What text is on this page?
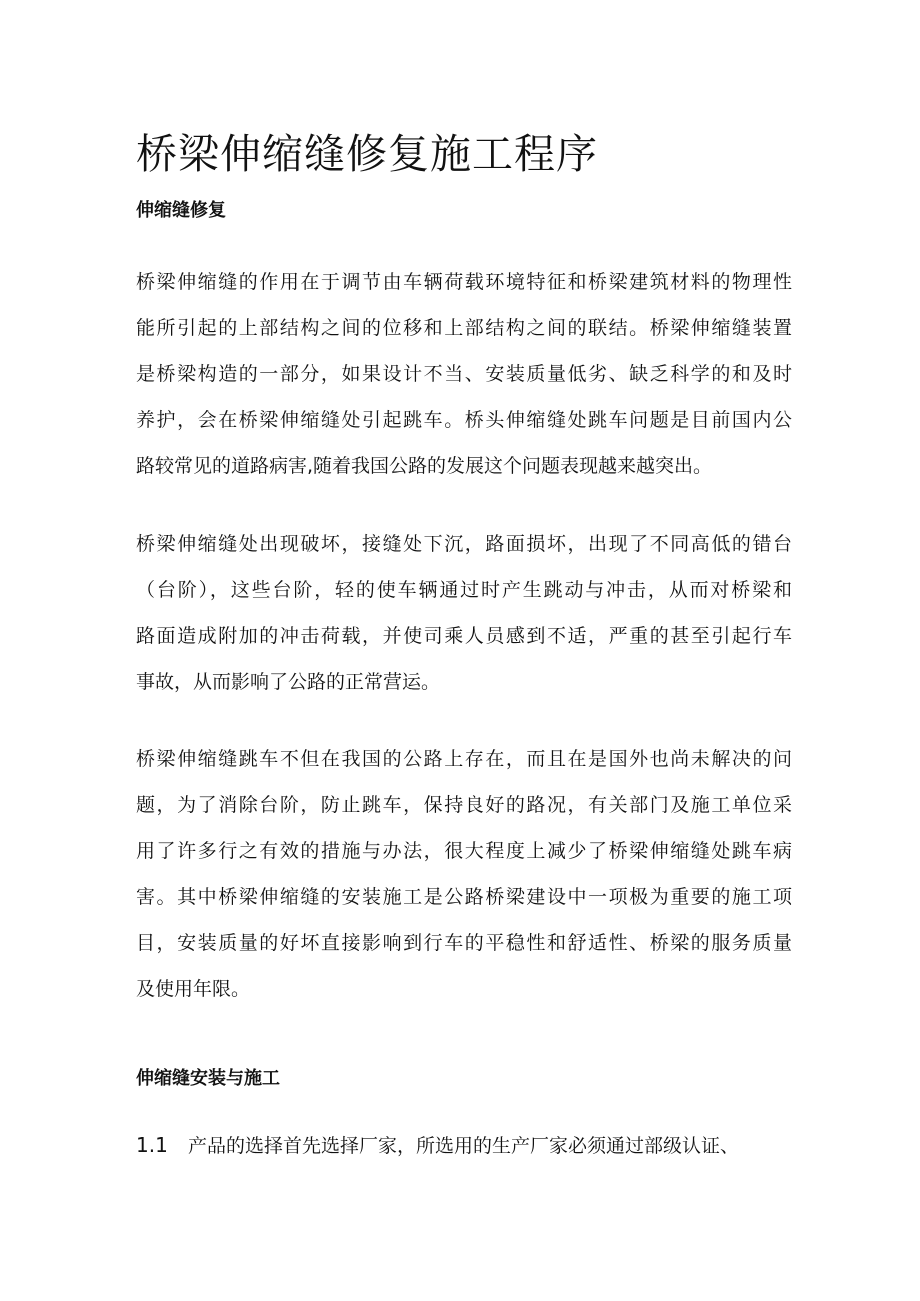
桥梁伸缩缝修复施工程序
伸缩缝修复
桥梁伸缩缝的作用在于调节由车辆荷载环境特征和桥梁建筑材料的物理性
能所引起的上部结构之间的位移和上部结构之间的联结。桥梁伸缩缝装置
是桥梁构造的一部分，如果设计不当、安装质量低劣、缺乏科学的和及时
养护，会在桥梁伸缩缝处引起跳车。桥头伸缩缝处跳车问题是目前国内公
路较常见的道路病害,随着我国公路的发展这个问题表现越来越突出。
桥梁伸缩缝处出现破坏，接缝处下沉，路面损坏，出现了不同高低的错台
（台阶），这些台阶，轻的使车辆通过时产生跳动与冲击，从而对桥梁和
路面造成附加的冲击荷载，并使司乘人员感到不适，严重的甚至引起行车
事故，从而影响了公路的正常营运。
桥梁伸缩缝跳车不但在我国的公路上存在，而且在是国外也尚未解决的问
题，为了消除台阶，防止跳车，保持良好的路况，有关部门及施工单位采
用了许多行之有效的措施与办法，很大程度上减少了桥梁伸缩缝处跳车病
害。其中桥梁伸缩缝的安装施工是公路桥梁建设中一项极为重要的施工项
目，安装质量的好坏直接影响到行车的平稳性和舒适性、桥梁的服务质量
及使用年限。
伸缩缝安装与施工
1.1 产品的选择首先选择厂家，所选用的生产厂家必须通过部级认证、
